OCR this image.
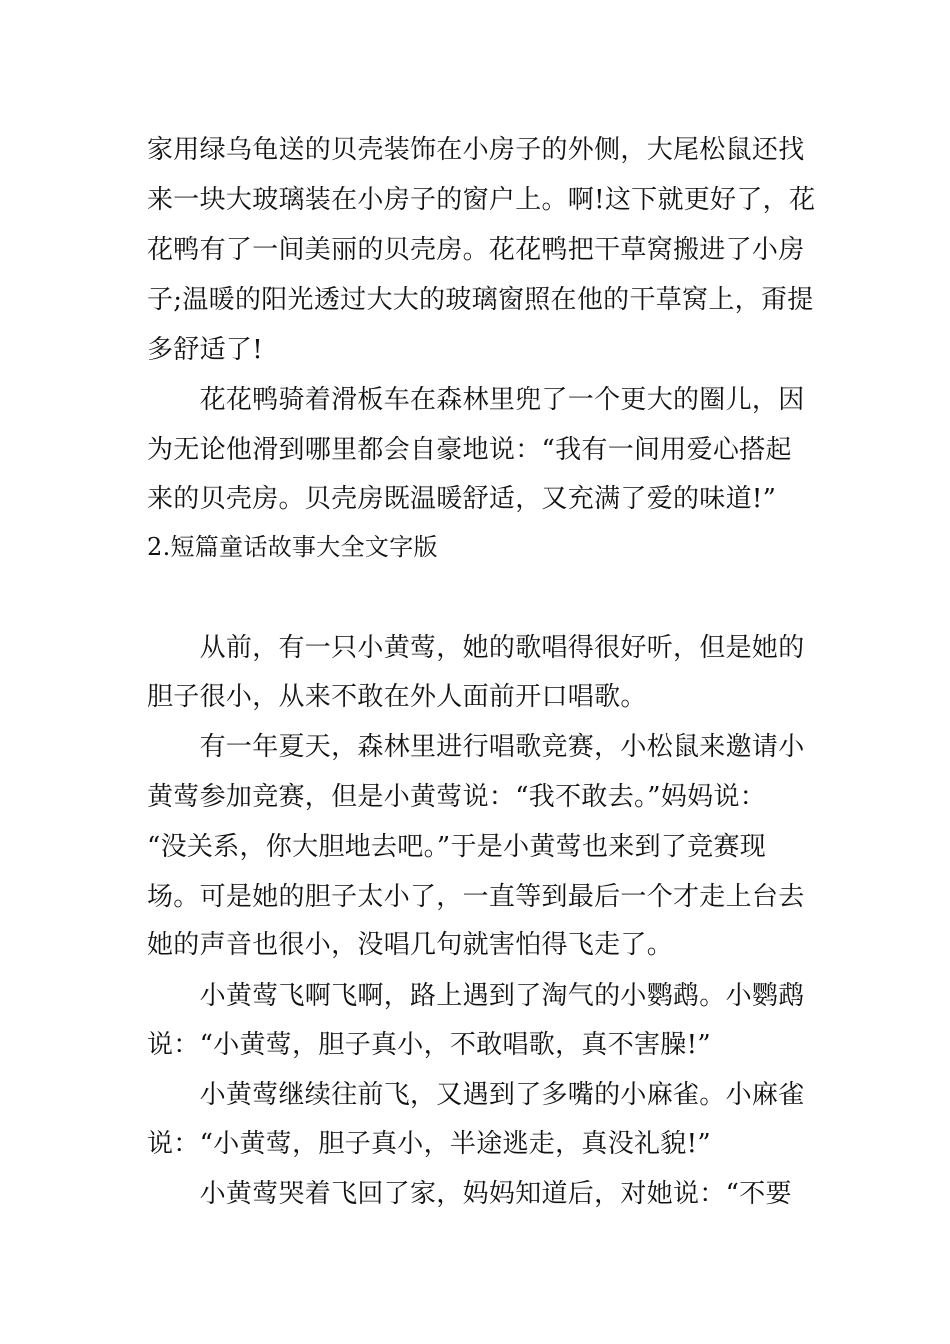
家用绿乌龟送的贝壳装饰在小房子的外侧，大尾松鼠还找
来一块大玻璃装在小房子的窗户上。啊!这下就更好了，花
花鸭有了一间美丽的贝壳房。花花鸭把干草窝搬进了小房
子;温暖的阳光透过大大的玻璃窗照在他的干草窝上，甭提
多舒适了!
　　花花鸭骑着滑板车在森林里兜了一个更大的圈儿，因
为无论他滑到哪里都会自豪地说：“我有一间用爱心搭起
来的贝壳房。贝壳房既温暖舒适，又充满了爱的味道!”
2.短篇童话故事大全文字版
　　从前，有一只小黄莺，她的歌唱得很好听，但是她的
胆子很小，从来不敢在外人面前开口唱歌。
　　有一年夏天，森林里进行唱歌竞赛，小松鼠来邀请小
黄莺参加竞赛，但是小黄莺说：“我不敢去。”妈妈说：
“没关系，你大胆地去吧。”于是小黄莺也来到了竞赛现
场。可是她的胆子太小了，一直等到最后一个才走上台去
她的声音也很小，没唱几句就害怕得飞走了。
　　小黄莺飞啊飞啊，路上遇到了淘气的小鹦鹉。小鹦鹉
说：“小黄莺，胆子真小，不敢唱歌，真不害臊!”
　　小黄莺继续往前飞，又遇到了多嘴的小麻雀。小麻雀
说：“小黄莺，胆子真小，半途逃走，真没礼貌!”
　　小黄莺哭着飞回了家，妈妈知道后，对她说：“不要
